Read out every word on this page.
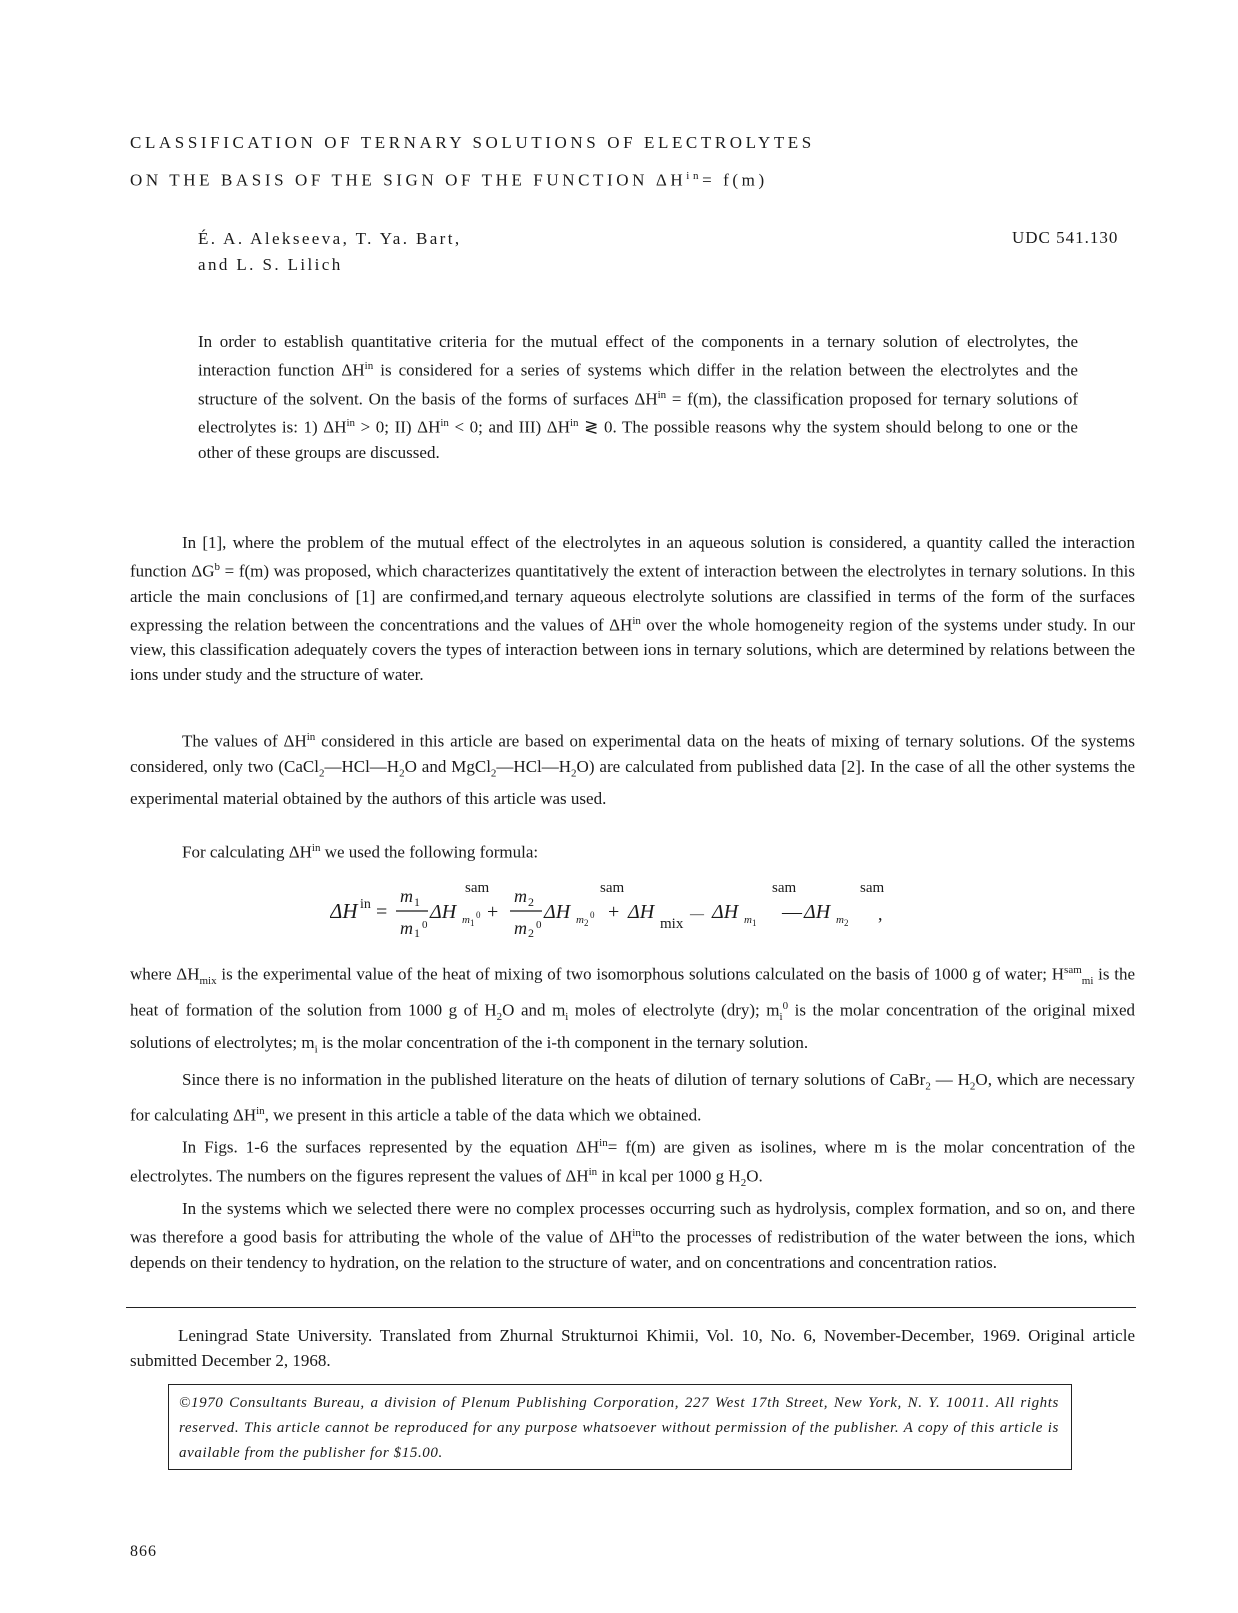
CLASSIFICATION OF TERNARY SOLUTIONS OF ELECTROLYTES
ON THE BASIS OF THE SIGN OF THE FUNCTION $\Delta H^{in}= f(m)$
É. A. Alekseeva, T. Ya. Bart,
and L. S. Lilich
UDC 541.130
In order to establish quantitative criteria for the mutual effect of the components in a ternary solution of electrolytes, the interaction function $\Delta H^{in}$ is considered for a series of systems which differ in the relation between the electrolytes and the structure of the solvent. On the basis of the forms of surfaces $\Delta H^{in} = f(m)$, the classification proposed for ternary solutions of electrolytes is: 1) $\Delta H^{in} > 0$; II) $\Delta H^{in} < 0$; and III) $\Delta H^{in}$ ≷ 0. The possible reasons why the system should belong to one or the other of these groups are discussed.
In [1], where the problem of the mutual effect of the electrolytes in an aqueous solution is considered, a quantity called the interaction function $\Delta G^b = f(m)$ was proposed, which characterizes quantitatively the extent of interaction between the electrolytes in ternary solutions. In this article the main conclusions of [1] are confirmed,and ternary aqueous electrolyte solutions are classified in terms of the form of the surfaces expressing the relation between the concentrations and the values of $\Delta H^{in}$ over the whole homogeneity region of the systems under study. In our view, this classification adequately covers the types of interaction between ions in ternary solutions, which are determined by relations between the ions under study and the structure of water.
The values of $\Delta H^{in}$ considered in this article are based on experimental data on the heats of mixing of ternary solutions. Of the systems considered, only two ($CaCl_2—HCl—H_2O$ and $MgCl_2—HCl—H_2O$) are calculated from published data [2]. In the case of all the other systems the experimental material obtained by the authors of this article was used.
For calculating $\Delta H^{in}$ we used the following formula:
ΔH in =
m 1
m 1
0
ΔH
sam
m 1
0 +
m 2
m 2
0
ΔH
sam
m 2
0 + ΔH
mix
— ΔH
sam
m 1 — ΔH
sam
m 2 ,
where $\Delta H_{mix}$ is the experimental value of the heat of mixing of two isomorphous solutions calculated on the basis of 1000 g of water; $H^{sam}_{mi}$ is the heat of formation of the solution from 1000 g of $H_2O$ and $m_i$ moles of electrolyte (dry); $m_i^0$ is the molar concentration of the original mixed solutions of electrolytes; $m_i$ is the molar concentration of the i-th component in the ternary solution.
Since there is no information in the published literature on the heats of dilution of ternary solutions of CaBr$_2$ — $H_2O$, which are necessary for calculating $\Delta H^{in}$, we present in this article a table of the data which we obtained.
In Figs. 1-6 the surfaces represented by the equation $\Delta H^{in}= f(m)$ are given as isolines, where m is the molar concentration of the electrolytes. The numbers on the figures represent the values of $\Delta H^{in}$ in kcal per 1000 g $H_2O$.
In the systems which we selected there were no complex processes occurring such as hydrolysis, complex formation, and so on, and there was therefore a good basis for attributing the whole of the value of $\Delta H^{in}to$ the processes of redistribution of the water between the ions, which depends on their tendency to hydration, on the relation to the structure of water, and on concentrations and concentration ratios.
Leningrad State University. Translated from Zhurnal Strukturnoi Khimii, Vol. 10, No. 6, November-December, 1969. Original article submitted December 2, 1968.
©1970 Consultants Bureau, a division of Plenum Publishing Corporation, 227 West 17th Street, New York, N. Y. 10011. All rights reserved. This article cannot be reproduced for any purpose whatsoever without permission of the publisher. A copy of this article is available from the publisher for $15.00.
866
